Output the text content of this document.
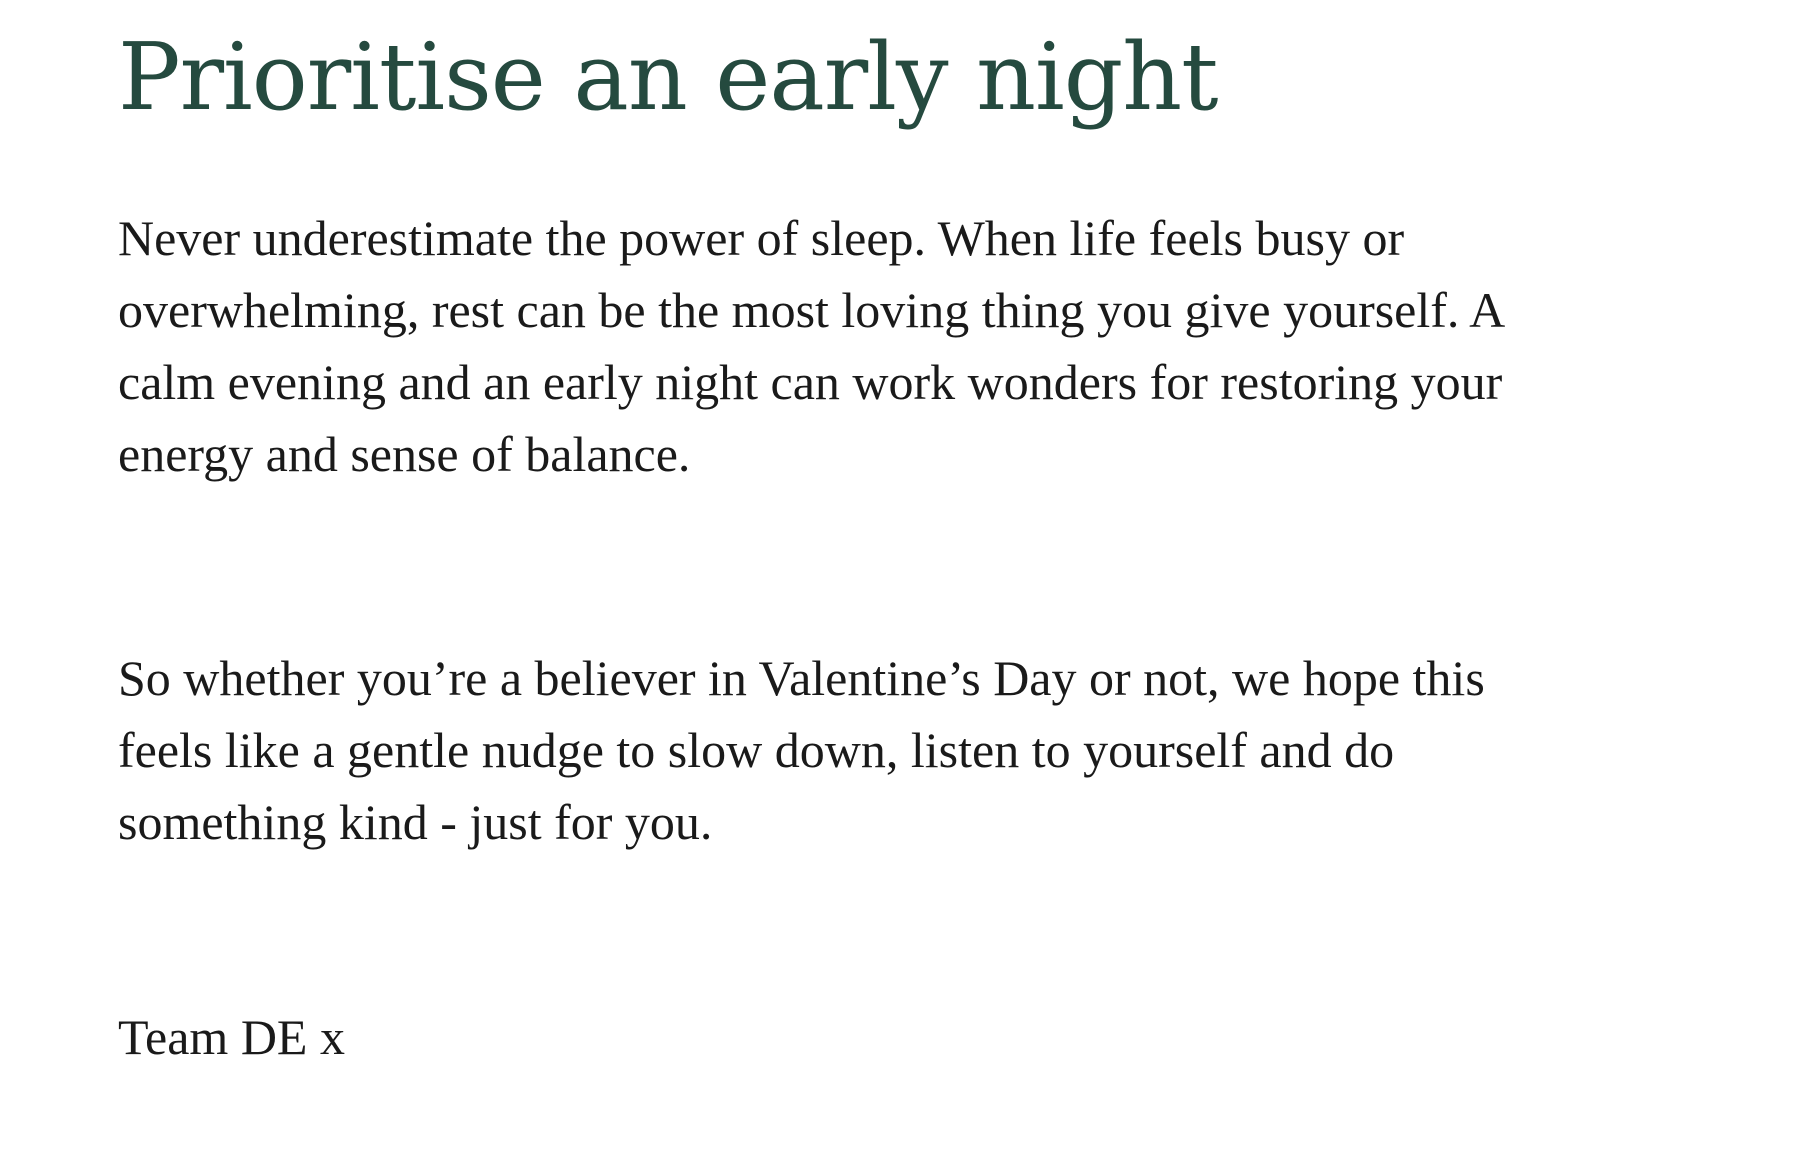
Prioritise an early night

Never underestimate the power of sleep. When life feels busy or overwhelming, rest can be the most loving thing you give yourself. A calm evening and an early night can work wonders for restoring your energy and sense of balance.

So whether you’re a believer in Valentine’s Day or not, we hope this feels like a gentle nudge to slow down, listen to yourself and do something kind - just for you.

Team DE x
